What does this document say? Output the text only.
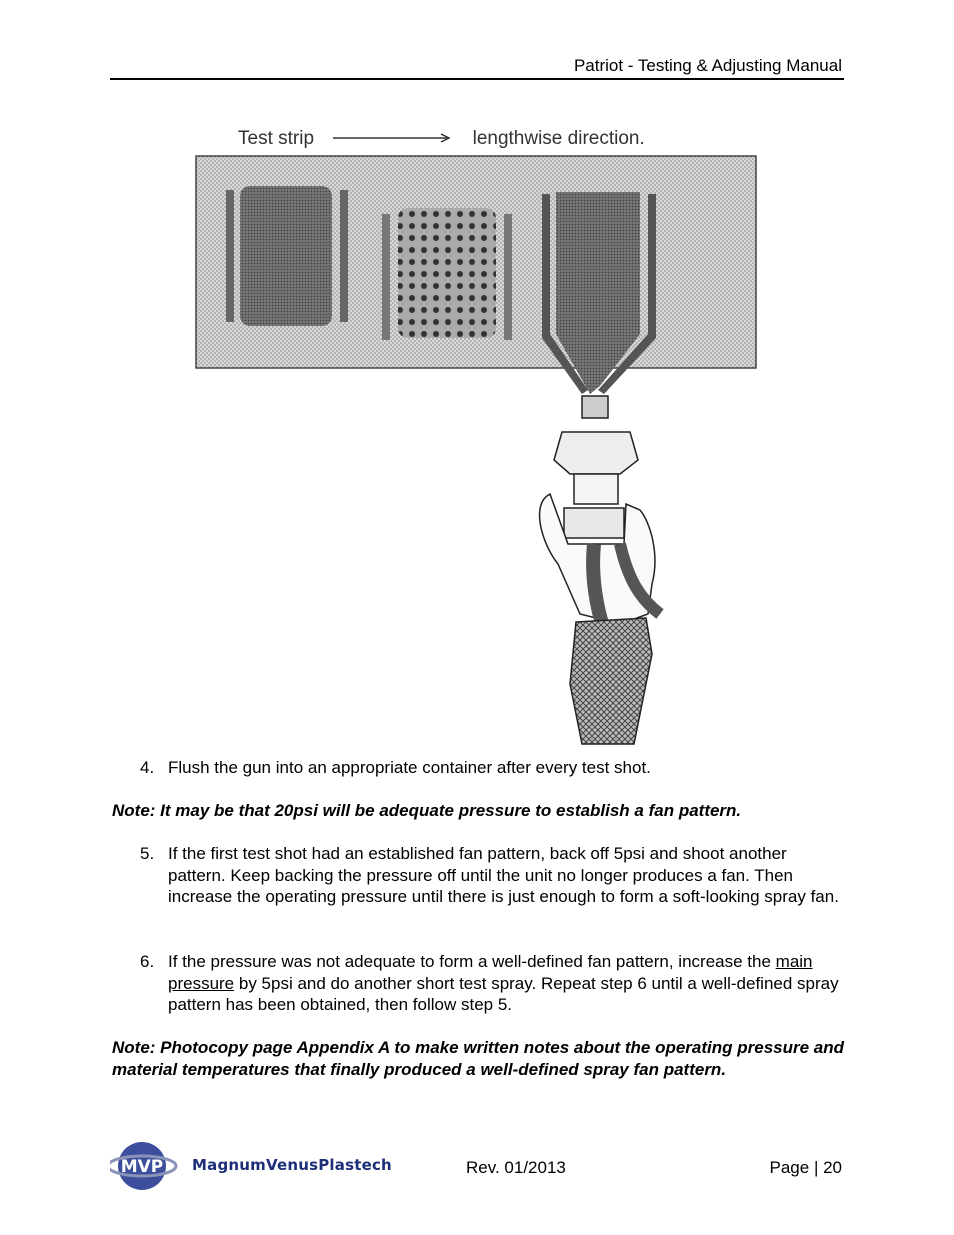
Patriot - Testing & Adjusting Manual
Test strip	lengthwise direction.
4. Flush the gun into an appropriate container after every test shot.
Note: It may be that 20psi will be adequate pressure to establish a fan pattern.
5. If the first test shot had an established fan pattern, back off 5psi and shoot another pattern. Keep backing the pressure off until the unit no longer produces a fan. Then increase the operating pressure until there is just enough to form a soft-looking spray fan.
6. If the pressure was not adequate to form a well-defined fan pattern, increase the main pressure by 5psi and do another short test spray. Repeat step 6 until a well-defined spray pattern has been obtained, then follow step 5.
Note: Photocopy page Appendix A to make written notes about the operating pressure and material temperatures that finally produced a well-defined spray fan pattern.
MVP MagnumVenusPlastech	Rev. 01/2013	Page | 20
